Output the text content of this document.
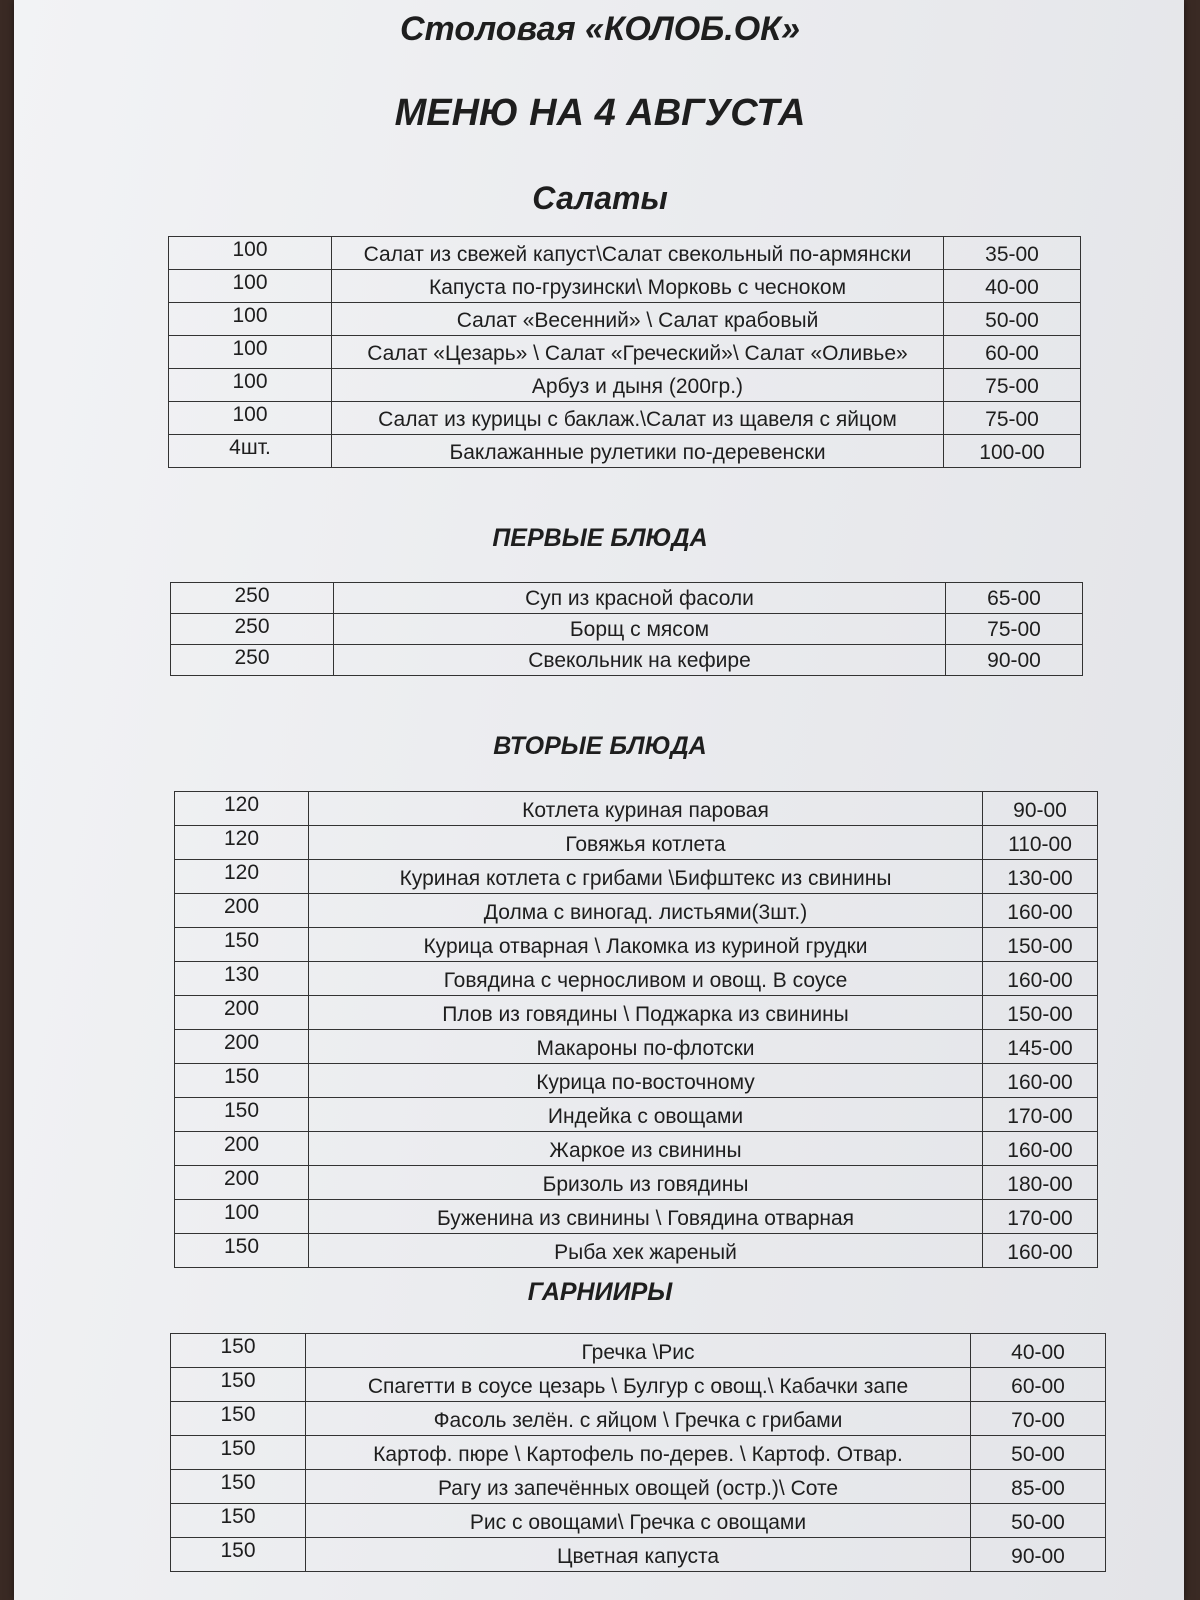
Столовая «КОЛОБ.ОК»
МЕНЮ НА 4 АВГУСТА
Салаты
100	Салат из свежей капуст\Салат свекольный по-армянски	35-00
100	Капуста по-грузински\ Морковь с чесноком	40-00
100	Салат «Весенний» \ Салат крабовый	50-00
100	Салат «Цезарь» \ Салат «Греческий»\ Салат «Оливье»	60-00
100	Арбуз и дыня (200гр.)	75-00
100	Салат из курицы с баклаж.\Салат из щавеля с яйцом	75-00
4шт.	Баклажанные рулетики по-деревенски	100-00
ПЕРВЫЕ БЛЮДА
250	Суп из красной фасоли	65-00
250	Борщ с мясом	75-00
250	Свекольник на кефире	90-00
ВТОРЫЕ БЛЮДА
120	Котлета куриная паровая	90-00
120	Говяжья котлета	110-00
120	Куриная котлета с грибами \Бифштекс из свинины	130-00
200	Долма с виногад. листьями(3шт.)	160-00
150	Курица отварная \ Лакомка из куриной грудки	150-00
130	Говядина с черносливом и овощ. В соусе	160-00
200	Плов из говядины \ Поджарка из свинины	150-00
200	Макароны по-флотски	145-00
150	Курица по-восточному	160-00
150	Индейка с овощами	170-00
200	Жаркое из свинины	160-00
200	Бризоль из говядины	180-00
100	Буженина из свинины \ Говядина отварная	170-00
150	Рыба хек жареный	160-00
ГАРНИИРЫ
150	Гречка \Рис	40-00
150	Спагетти в соусе цезарь \ Булгур с овощ.\ Кабачки запе	60-00
150	Фасоль зелён. с яйцом \ Гречка с грибами	70-00
150	Картоф. пюре \ Картофель по-дерев. \ Картоф. Отвар.	50-00
150	Рагу из запечённых овощей (остр.)\ Соте	85-00
150	Рис с овощами\ Гречка с овощами	50-00
150	Цветная капуста	90-00
